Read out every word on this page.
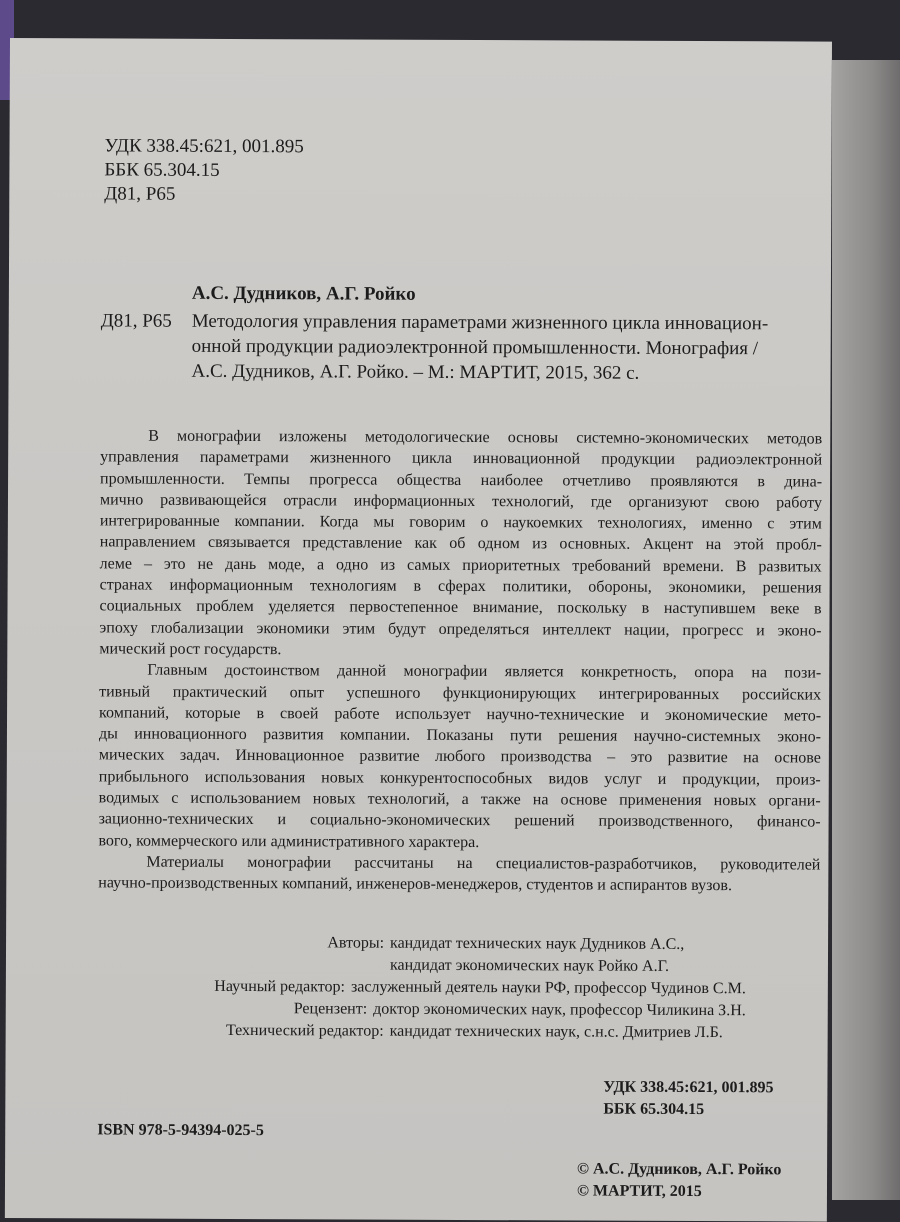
УДК 338.45:621, 001.895
ББК 65.304.15
Д81, Р65
А.С. Дудников, А.Г. Ройко
Д81, Р65 Методология управления параметрами жизненного цикла инновацион-
онной продукции радиоэлектронной промышленности. Монография /
А.С. Дудников, А.Г. Ройко. – М.: МАРТИТ, 2015, 362 с.
В монографии изложены методологические основы системно-экономических методов
управления параметрами жизненного цикла инновационной продукции радиоэлектронной
промышленности. Темпы прогресса общества наиболее отчетливо проявляются в дина-
мично развивающейся отрасли информационных технологий, где организуют свою работу
интегрированные компании. Когда мы говорим о наукоемких технологиях, именно с этим
направлением связывается представление как об одном из основных. Акцент на этой пробл-
леме – это не дань моде, а одно из самых приоритетных требований времени. В развитых
странах информационным технологиям в сферах политики, обороны, экономики, решения
социальных проблем уделяется первостепенное внимание, поскольку в наступившем веке в
эпоху глобализации экономики этим будут определяться интеллект нации, прогресс и эконо-
мический рост государств.
Главным достоинством данной монографии является конкретность, опора на пози-
тивный практический опыт успешного функционирующих интегрированных российских
компаний, которые в своей работе использует научно-технические и экономические мето-
ды инновационного развития компании. Показаны пути решения научно-системных эконо-
мических задач. Инновационное развитие любого производства – это развитие на основе
прибыльного использования новых конкурентоспособных видов услуг и продукции, произ-
водимых с использованием новых технологий, а также на основе применения новых органи-
зационно-технических и социально-экономических решений производственного, финансо-
вого, коммерческого или административного характера.
Материалы монографии рассчитаны на специалистов-разработчиков, руководителей
научно-производственных компаний, инженеров-менеджеров, студентов и аспирантов вузов.
Авторы: кандидат технических наук Дудников А.С.,
кандидат экономических наук Ройко А.Г.
Научный редактор: заслуженный деятель науки РФ, профессор Чудинов С.М.
Рецензент: доктор экономических наук, профессор Чиликина З.Н.
Технический редактор: кандидат технических наук, с.н.с. Дмитриев Л.Б.
УДК 338.45:621, 001.895
ББК 65.304.15
ISBN 978-5-94394-025-5
© А.С. Дудников, А.Г. Ройко
© МАРТИТ, 2015
